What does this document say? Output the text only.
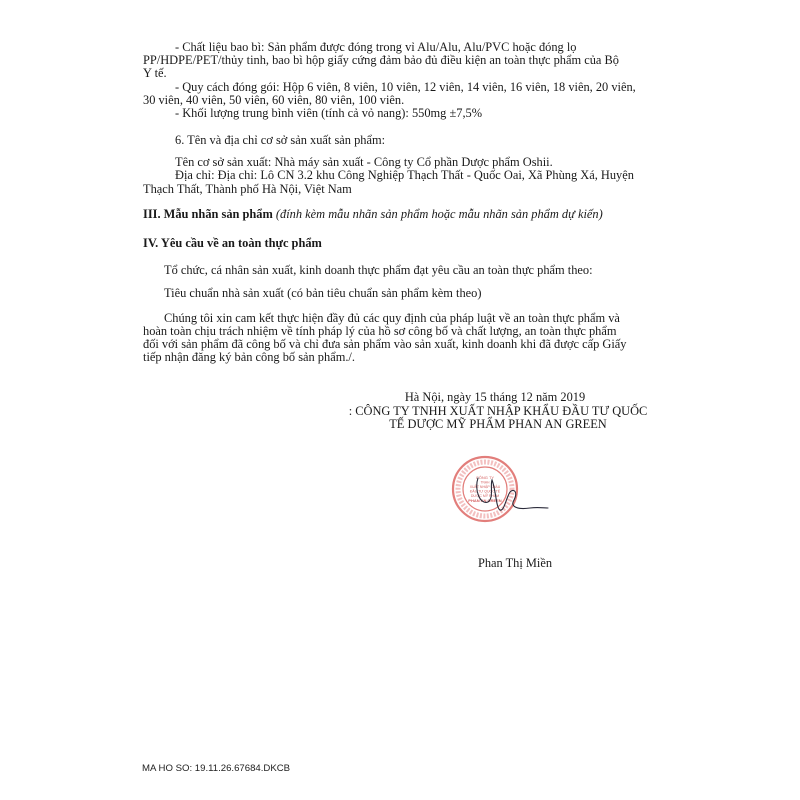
- Chất liệu bao bì: Sản phẩm được đóng trong vỉ Alu/Alu, Alu/PVC hoặc đóng lọ
PP/HDPE/PET/thủy tinh, bao bì hộp giấy cứng đảm bảo đủ điều kiện an toàn thực phẩm của Bộ
Y tế.
- Quy cách đóng gói: Hộp 6 viên, 8 viên, 10 viên, 12 viên, 14 viên, 16 viên, 18 viên, 20 viên,
30 viên, 40 viên, 50 viên, 60 viên, 80 viên, 100 viên.
- Khối lượng trung bình viên (tính cả vỏ nang): 550mg ±7,5%
6. Tên và địa chỉ cơ sở sản xuất sản phẩm:
Tên cơ sở sản xuất: Nhà máy sản xuất - Công ty Cổ phần Dược phẩm Oshii.
Địa chỉ: Địa chỉ: Lô CN 3.2 khu Công Nghiệp Thạch Thất - Quốc Oai, Xã Phùng Xá, Huyện
Thạch Thất, Thành phố Hà Nội, Việt Nam
III. Mẫu nhãn sản phẩm (đính kèm mẫu nhãn sản phẩm hoặc mẫu nhãn sản phẩm dự kiến)
IV. Yêu cầu về an toàn thực phẩm
Tổ chức, cá nhân sản xuất, kinh doanh thực phẩm đạt yêu cầu an toàn thực phẩm theo:
Tiêu chuẩn nhà sản xuất (có bản tiêu chuẩn sản phẩm kèm theo)
Chúng tôi xin cam kết thực hiện đầy đủ các quy định của pháp luật về an toàn thực phẩm và
hoàn toàn chịu trách nhiệm về tính pháp lý của hồ sơ công bố và chất lượng, an toàn thực phẩm
đối với sản phẩm đã công bố và chỉ đưa sản phẩm vào sản xuất, kinh doanh khi đã được cấp Giấy
tiếp nhận đăng ký bản công bố sản phẩm./.
Hà Nội, ngày 15 tháng 12 năm 2019
: CÔNG TY TNHH XUẤT NHẬP KHẨU ĐẦU TƯ QUỐC
TẾ DƯỢC MỸ PHẨM PHAN AN GREEN
CÔNG TY
TNHH
XUẤT NHẬP KHẨU
ĐẦU TƯ QUỐC TẾ
DƯỢC MỸ PHẨM
PHAN AN GREEN
Phan Thị Miền
MA HO SO: 19.11.26.67684.DKCB
